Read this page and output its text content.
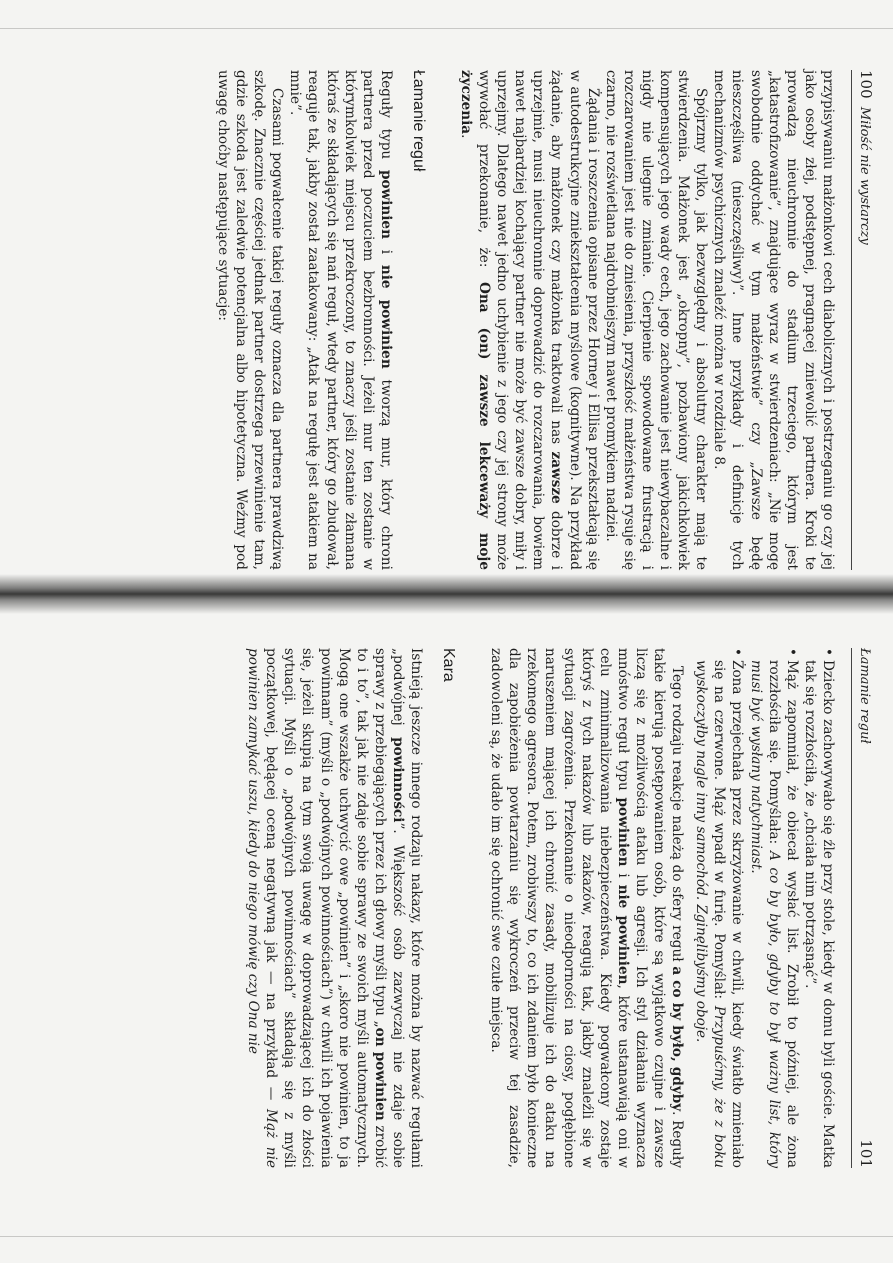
100  Miłość nie wystarczy

przypisywaniu małżonkowi cech diabolicznych i postrzeganiu go czy jej jako osoby złej, podstępnej, pragnącej zniewolić partnera. Kroki te prowadzą nieuchronnie do stadium trzeciego, którym jest „katastrofizowanie”, znajdujące wyraz w stwierdzeniach: „Nie mogę swobodnie oddychać w tym małżeństwie” czy „Zawsze będę nieszczęśliwa (nieszczęśliwy)”. Inne przykłady i definicje tych mechanizmów psychicznych znaleźć można w rozdziale 8.

Spójrzmy tylko, jak bezwzględny i absolutny charakter mają te stwierdzenia. Małżonek jest „okropny”, pozbawiony jakichkolwiek kompensujących jego wady cech, jego zachowanie jest niewybaczalne i nigdy nie ulegnie zmianie. Cierpienie spowodowane frustracją i rozczarowaniem jest nie do zniesienia, przyszłość małżeństwa rysuje się czarno, nie rozświetlana najdrobniejszym nawet promykiem nadziei.

Żądania i roszczenia opisane przez Horney i Ellisa przekształcają się w autodestrukcyjne zniekształcenia myślowe (kognitywne). Na przykład żądanie, aby małżonek czy małżonka traktowali nas zawsze dobrze i uprzejmie, musi nieuchronnie doprowadzić do rozczarowania, bowiem nawet najbardziej kochający partner nie może być zawsze dobry, miły i uprzejmy. Dlatego nawet jedno uchybienie z jego czy jej strony może wywołać przekonanie, że: Ona (on) zawsze lekceważy moje życzenia.

Łamanie reguł

Reguły typu powinien i nie powinien tworzą mur, który chroni partnera przed poczuciem bezbronności. Jeżeli mur ten zostanie w którymkolwiek miejscu przekroczony, to znaczy jeśli zostanie złamana któraś ze składających się nań reguł, wtedy partner, który go zbudował, reaguje tak, jakby został zaatakowany: „Atak na regułę jest atakiem na mnie”.

Czasami pogwałcenie takiej reguły oznacza dla partnera prawdziwą szkodę. Znacznie częściej jednak partner dostrzega przewinienie tam, gdzie szkoda jest zaledwie potencjalna albo hipotetyczna. Weźmy pod uwagę choćby następujące sytuacje:

Łamanie reguł
101
• Dziecko zachowywało się źle przy stole, kiedy w domu byli goście. Matka tak się rozzłościła, że „chciała nim potrząsnąć”.
• Mąż zapomniał, że obiecał wysłać list. Zrobił to później, ale żona rozzłościła się. Pomyślała: A co by było, gdyby to był ważny list, który musi być wysłany natychmiast.
• Żona przejechała przez skrzyżowanie w chwili, kiedy światło zmieniało się na czerwone. Mąż wpadł w furię. Pomyślał: Przypuśćmy, że z boku wyskoczyłby nagle inny samochód. Zginęlibyśmy oboje.

Tego rodzaju reakcje należą do sfery reguł a co by było, gdyby. Reguły takie kierują postępowaniem osób, które są wyjątkowo czujne i zawsze liczą się z możliwością ataku lub agresji. Ich styl działania wyznacza mnóstwo reguł typu powinien i nie powinien, które ustanawiają oni w celu zminimalizowania niebezpieczeństwa. Kiedy pogwałcony zostaje któryś z tych nakazów lub zakazów, reagują tak, jakby znaleźli się w sytuacji zagrożenia. Przekonanie o nieodporności na ciosy, pogłębione naruszeniem mającej ich chronić zasady, mobilizuje ich do ataku na rzekomego agresora. Potem, zrobiwszy to, co ich zdaniem było konieczne dla zapobieżenia powtarzaniu się wykroczeń przeciw tej zasadzie, zadowoleni są, że udało im się ochronić swe czułe miejsca.

Kara

Istnieją jeszcze innego rodzaju nakazy, które można by nazwać regułami „podwójnej powinności”. Większość osób zazwyczaj nie zdaje sobie sprawy z przebiegających przez ich głowy myśli typu „on powinien zrobić to i to”, tak jak nie zdaje sobie sprawy ze swoich myśli automatycznych. Mogą one wszakże uchwycić owe „powinien” i „skoro nie powinien, to ja powinnam” (myśli o „podwójnych powinnościach”) w chwili ich pojawienia się, jeżeli skupią na tym swoją uwagę w doprowadzającej ich do złości sytuacji. Myśli o „podwójnych powinnościach” składają się z myśli początkowej, będącej oceną negatywną jak — na przykład — Mąż nie powinien zamykać uszu, kiedy do niego mówię czy Ona nie
